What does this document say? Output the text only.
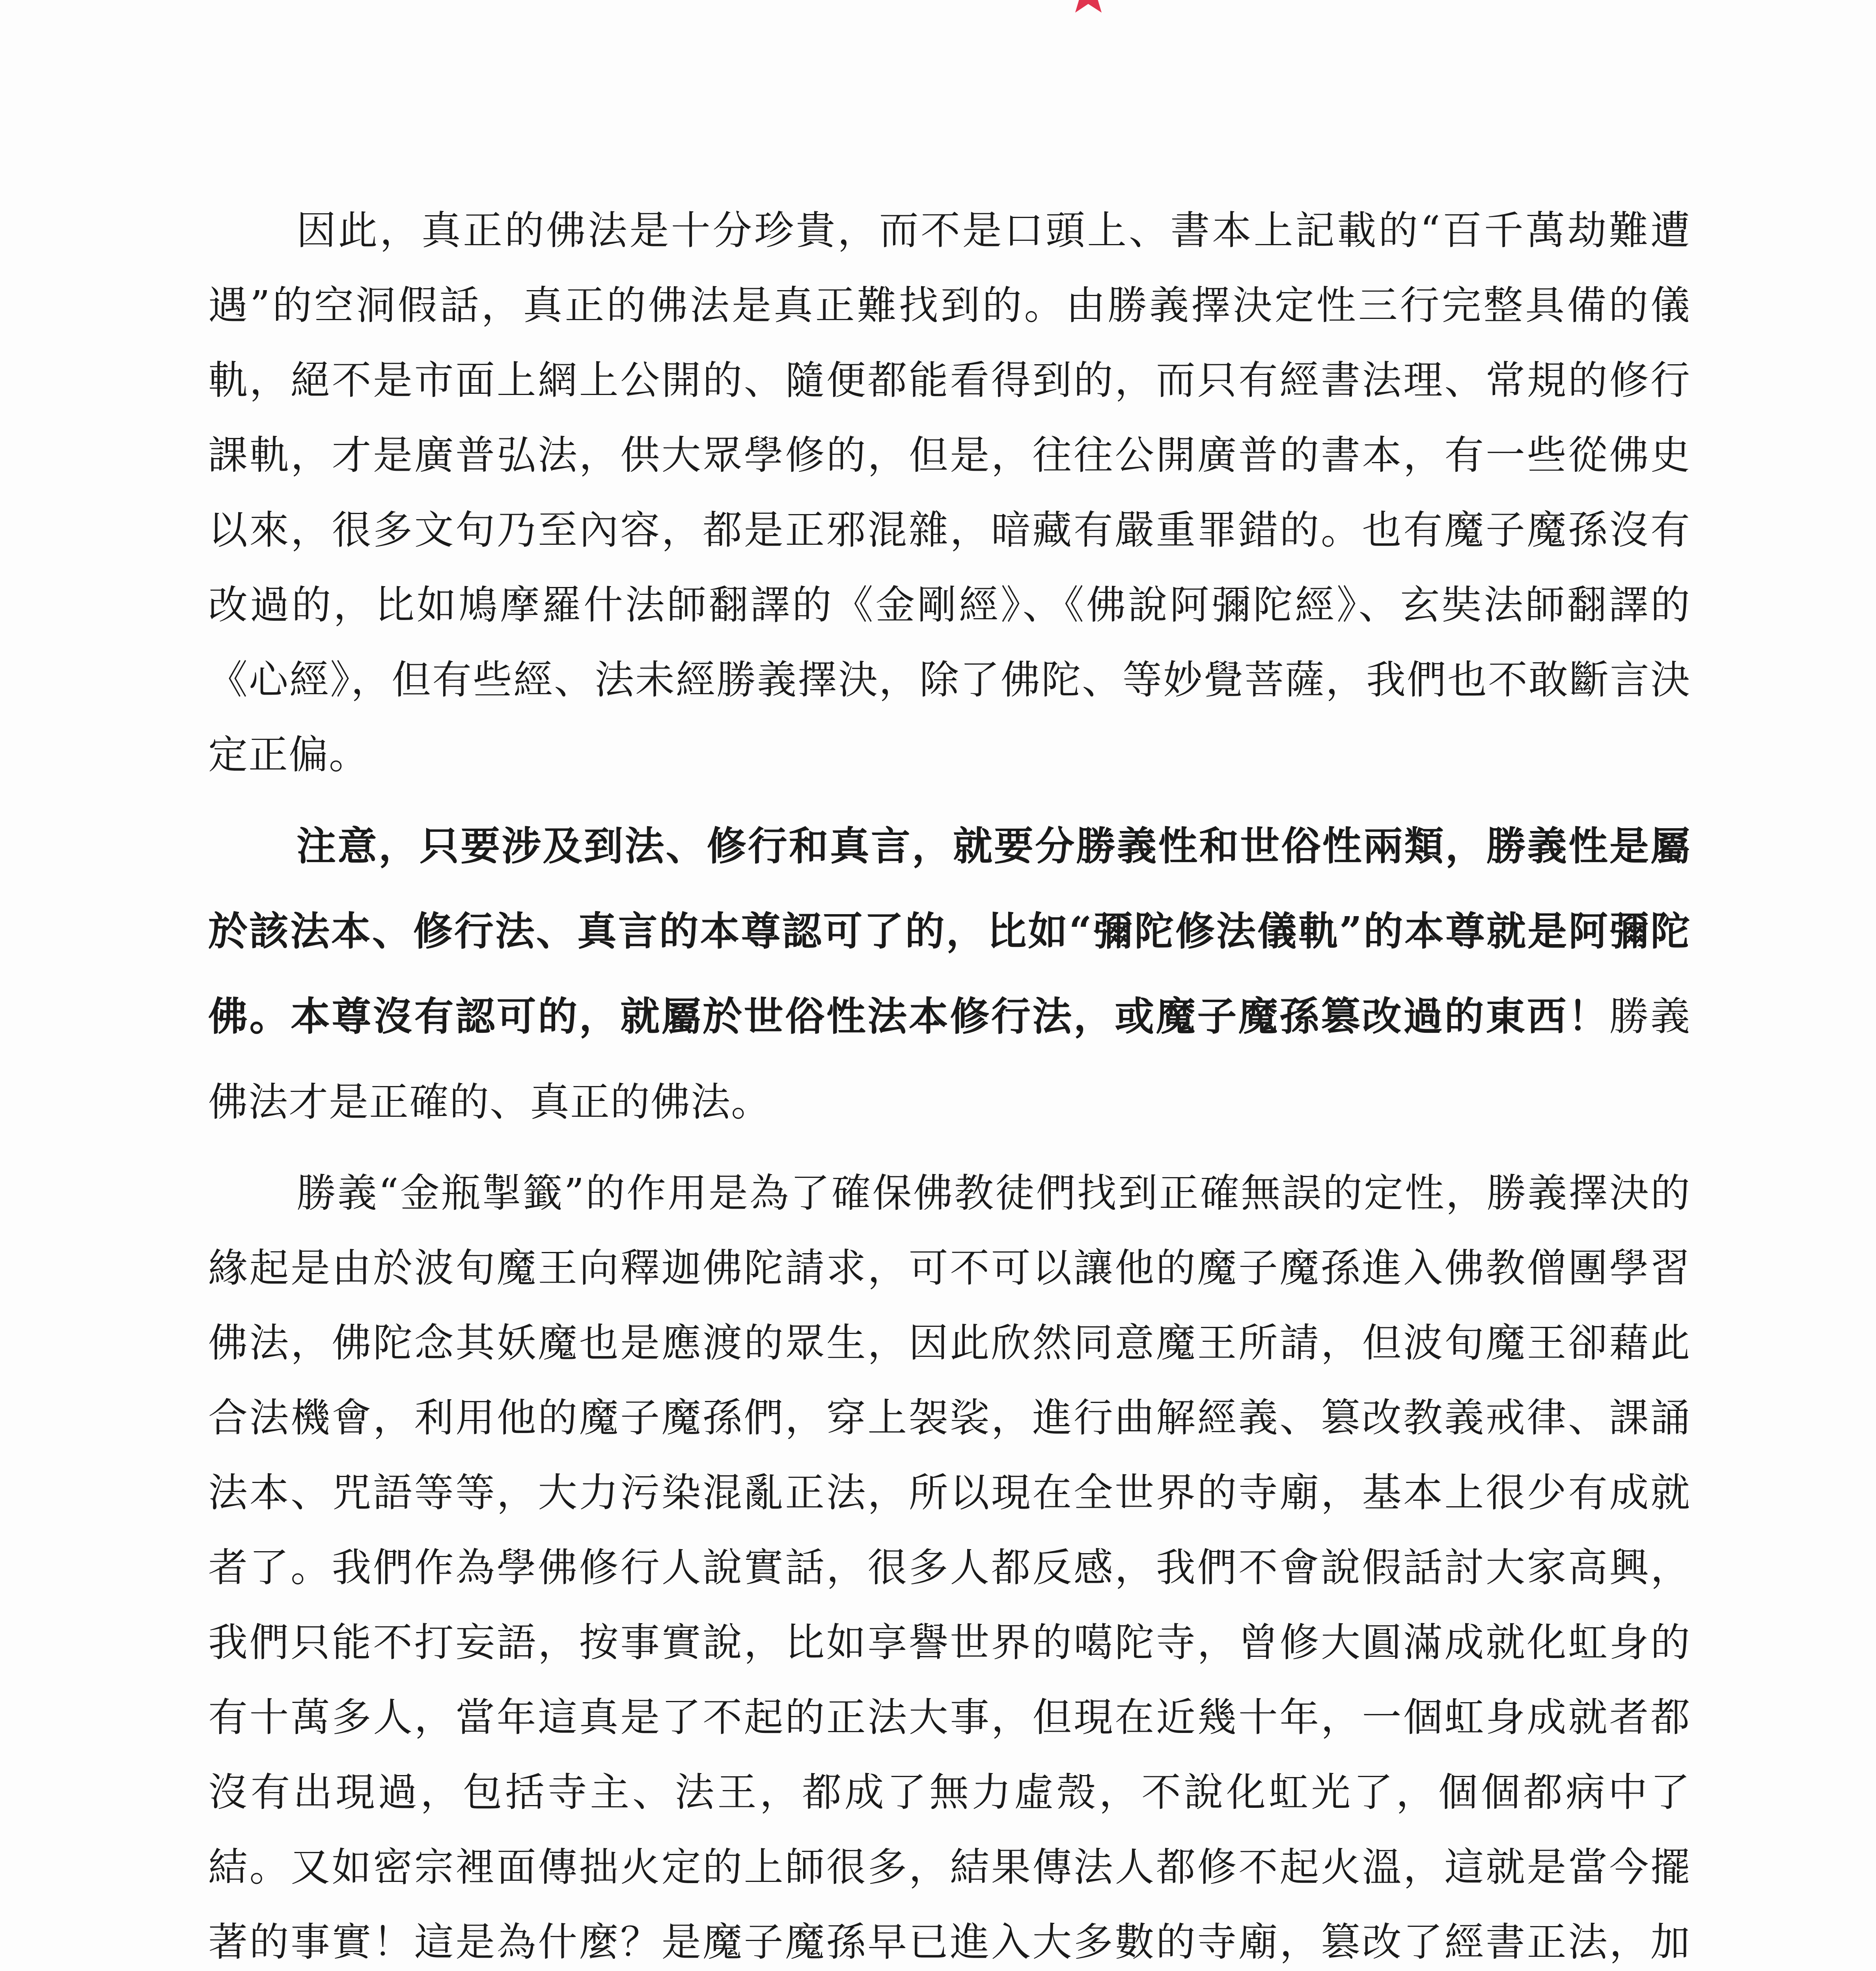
因此，真正的佛法是十分珍貴，而不是口頭上、書本上記載的“百千萬劫難遭遇”的空洞假話，真正的佛法是真正難找到的。由勝義擇決定性三行完整具備的儀軌，絕不是市面上網上公開的、隨便都能看得到的，而只有經書法理、常規的修行課軌，才是廣普弘法，供大眾學修的，但是，往往公開廣普的書本，有一些從佛史以來，很多文句乃至內容，都是正邪混雜，暗藏有嚴重罪錯的。也有魔子魔孫沒有改過的，比如鳩摩羅什法師翻譯的《金剛經》、《佛說阿彌陀經》、玄奘法師翻譯的《心經》，但有些經、法未經勝義擇決，除了佛陀、等妙覺菩薩，我們也不敢斷言決定正偏。

注意，只要涉及到法、修行和真言，就要分勝義性和世俗性兩類，勝義性是屬於該法本、修行法、真言的本尊認可了的，比如“彌陀修法儀軌”的本尊就是阿彌陀佛。本尊沒有認可的，就屬於世俗性法本修行法，或魔子魔孫篡改過的東西！勝義佛法才是正確的、真正的佛法。

勝義“金瓶掣籤”的作用是為了確保佛教徒們找到正確無誤的定性，勝義擇決的緣起是由於波旬魔王向釋迦佛陀請求，可不可以讓他的魔子魔孫進入佛教僧團學習佛法，佛陀念其妖魔也是應渡的眾生，因此欣然同意魔王所請，但波旬魔王卻藉此合法機會，利用他的魔子魔孫們，穿上袈裟，進行曲解經義、篡改教義戒律、課誦法本、咒語等等，大力污染混亂正法，所以現在全世界的寺廟，基本上很少有成就者了。我們作為學佛修行人說實話，很多人都反感，我們不會說假話討大家高興，我們只能不打妄語，按事實說，比如享譽世界的噶陀寺，曾修大圓滿成就化虹身的有十萬多人，當年這真是了不起的正法大事，但現在近幾十年，一個虹身成就者都沒有出現過，包括寺主、法王，都成了無力虛殼，不說化虹光了，個個都病中了結。又如密宗裡面傳拙火定的上師很多，結果傳法人都修不起火溫，這就是當今擺著的事實！這是為什麼？是魔子魔孫早已進入大多數的寺廟，篡改了經書正法，加
